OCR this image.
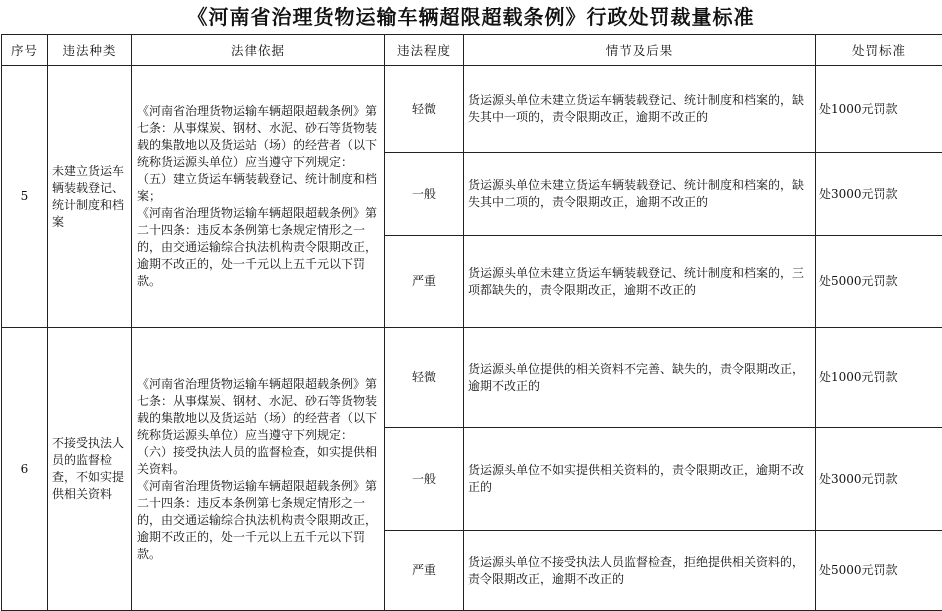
《河南省治理货物运输车辆超限超载条例》行政处罚裁量标准
序号	违法种类	法律依据	违法程度	情节及后果	处罚标准
5	未建立货运车辆装载登记、统计制度和档案	《河南省治理货物运输车辆超限超载条例》第七条：从事煤炭、钢材、水泥、砂石等货物装载的集散地以及货运站（场）的经营者（以下统称货运源头单位）应当遵守下列规定：
（五）建立货运车辆装载登记、统计制度和档案；
《河南省治理货物运输车辆超限超载条例》第二十四条：违反本条例第七条规定情形之一的，由交通运输综合执法机构责令限期改正，逾期不改正的，处一千元以上五千元以下罚款。	轻微	货运源头单位未建立货运车辆装载登记、统计制度和档案的，缺失其中一项的，责令限期改正，逾期不改正的	处1000元罚款
			一般	货运源头单位未建立货运车辆装载登记、统计制度和档案的，缺失其中二项的，责令限期改正，逾期不改正的	处3000元罚款
			严重	货运源头单位未建立货运车辆装载登记、统计制度和档案的，三项都缺失的，责令限期改正，逾期不改正的	处5000元罚款
6	不接受执法人员的监督检查，不如实提供相关资料	《河南省治理货物运输车辆超限超载条例》第七条：从事煤炭、钢材、水泥、砂石等货物装载的集散地以及货运站（场）的经营者（以下统称货运源头单位）应当遵守下列规定：
（六）接受执法人员的监督检查，如实提供相关资料。
《河南省治理货物运输车辆超限超载条例》第二十四条：违反本条例第七条规定情形之一的，由交通运输综合执法机构责令限期改正，逾期不改正的，处一千元以上五千元以下罚款。	轻微	货运源头单位提供的相关资料不完善、缺失的，责令限期改正，逾期不改正的	处1000元罚款
			一般	货运源头单位不如实提供相关资料的，责令限期改正，逾期不改正的	处3000元罚款
			严重	货运源头单位不接受执法人员监督检查，拒绝提供相关资料的，责令限期改正，逾期不改正的	处5000元罚款
